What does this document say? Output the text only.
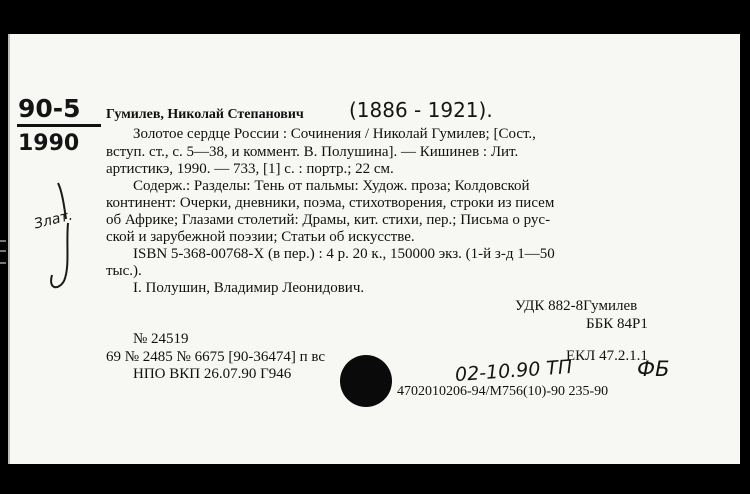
90-5
1990
Злат.
Гумилев, Николай Степанович (1886 - 1921).
Золотое сердце России : Сочинения / Николай Гумилев; [Сост.,
вступ. ст., с. 5—38, и коммент. В. Полушина]. — Кишинев : Лит.
артистикэ, 1990. — 733, [1] с. : портр.; 22 см.
Содерж.: Разделы: Тень от пальмы: Худож. проза; Колдовской
континент: Очерки, дневники, поэма, стихотворения, строки из писем
об Африке; Глазами столетий: Драмы, кит. стихи, пер.; Письма о рус-
ской и зарубежной поэзии; Статьи об искусстве.
ISBN 5-368-00768-X (в пер.) : 4 р. 20 к., 150000 экз. (1-й з-д 1—50
тыс.).
I. Полушин, Владимир Леонидович.
УДК 882-8Гумилев
ББК 84Р1
№ 24519
69 № 2485 № 6675 [90-36474] п вс
НПО ВКП 26.07.90 Г946
ЕКЛ 47.2.1.1
02-10.90 ТП	ФБ
4702010206-94/М756(10)-90 235-90
